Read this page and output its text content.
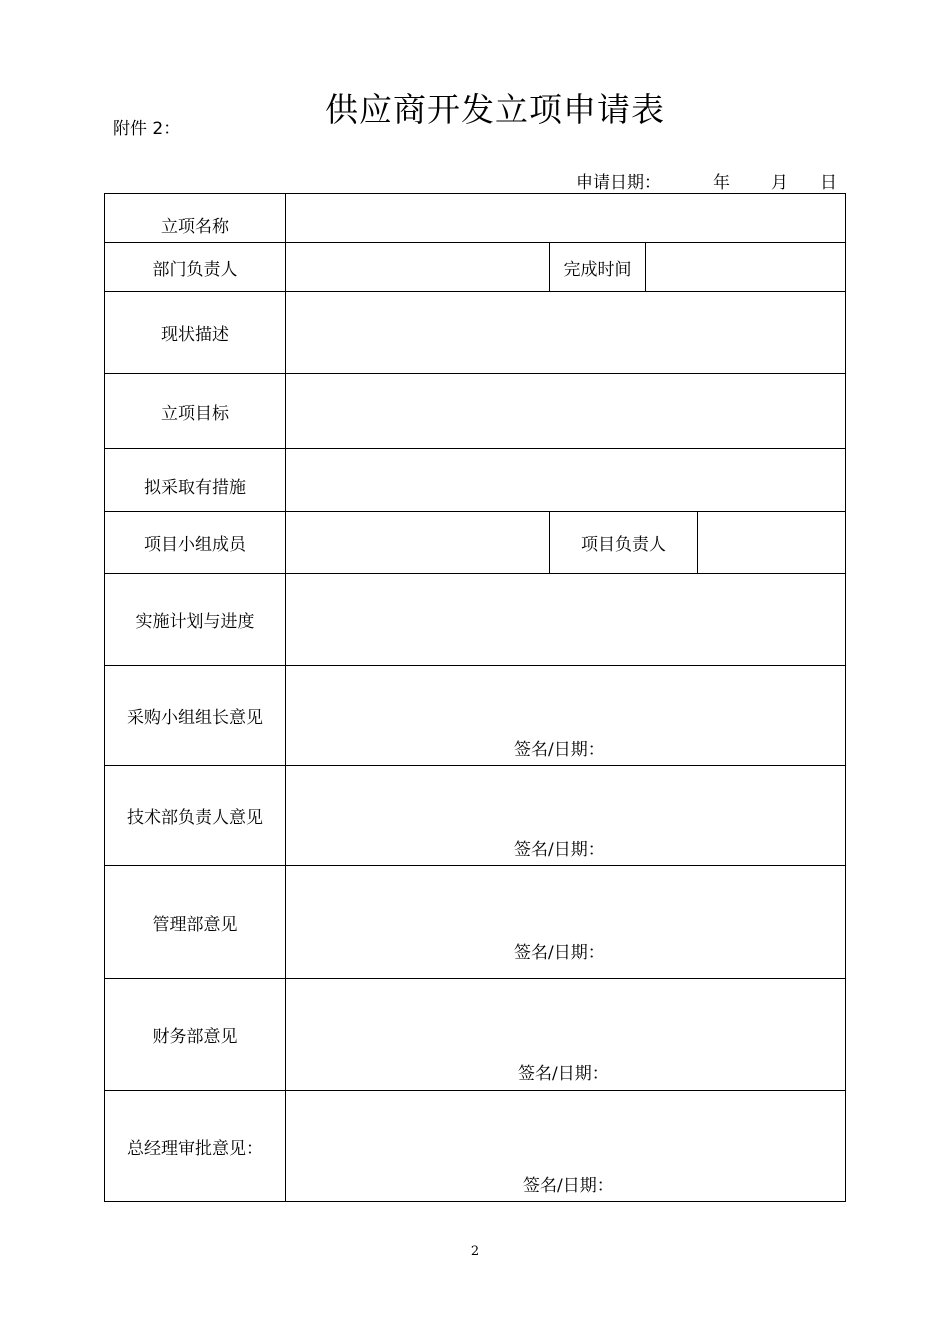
附件 2：	供应商开发立项申请表
申请日期：	年 月 日
立项名称
部门负责人	完成时间
现状描述
立项目标
拟采取有措施
项目小组成员	项目负责人
实施计划与进度
采购小组组长意见
签名/日期：
技术部负责人意见
签名/日期：
管理部意见
签名/日期：
财务部意见
签名/日期：
总经理审批意见：
签名/日期：
2
